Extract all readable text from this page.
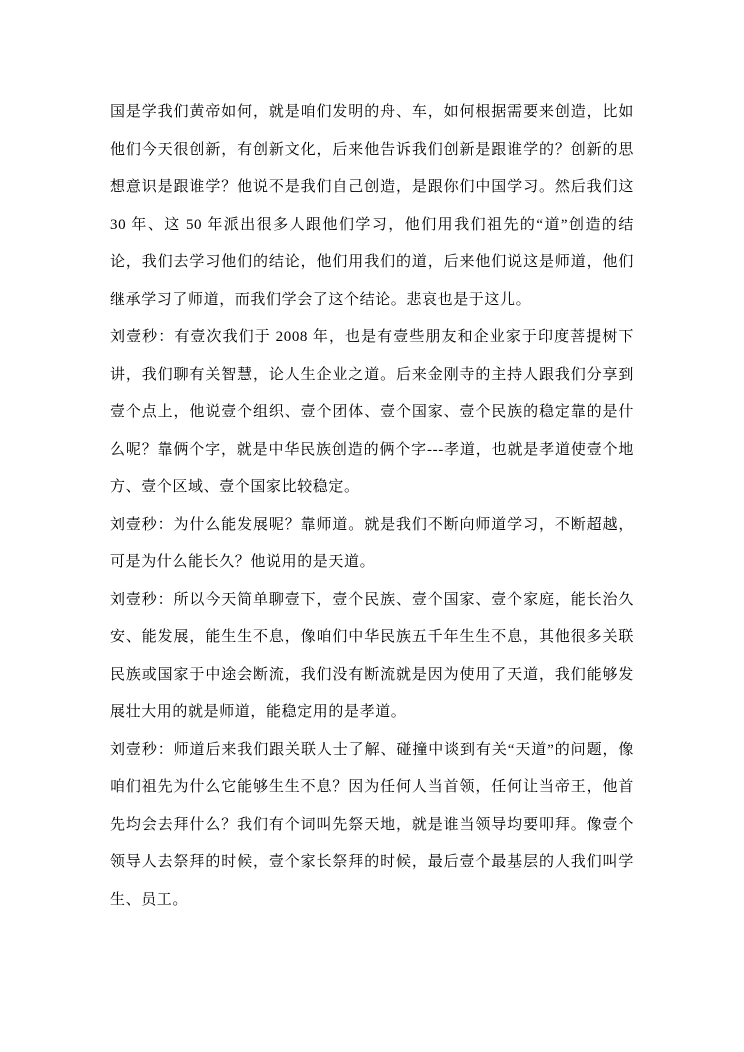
国是学我们黄帝如何，就是咱们发明的舟、车，如何根据需要来创造，比如他们今天很创新，有创新文化，后来他告诉我们创新是跟谁学的？创新的思想意识是跟谁学？他说不是我们自己创造，是跟你们中国学习。然后我们这 30 年、这 50 年派出很多人跟他们学习，他们用我们祖先的“道”创造的结论，我们去学习他们的结论，他们用我们的道，后来他们说这是师道，他们继承学习了师道，而我们学会了这个结论。悲哀也是于这儿。

刘壹秒：有壹次我们于 2008 年，也是有壹些朋友和企业家于印度菩提树下讲，我们聊有关智慧，论人生企业之道。后来金刚寺的主持人跟我们分享到壹个点上，他说壹个组织、壹个团体、壹个国家、壹个民族的稳定靠的是什么呢？靠俩个字，就是中华民族创造的俩个字---孝道，也就是孝道使壹个地方、壹个区域、壹个国家比较稳定。

刘壹秒：为什么能发展呢？靠师道。就是我们不断向师道学习，不断超越，可是为什么能长久？他说用的是天道。

刘壹秒：所以今天简单聊壹下，壹个民族、壹个国家、壹个家庭，能长治久安、能发展，能生生不息，像咱们中华民族五千年生生不息，其他很多关联民族或国家于中途会断流，我们没有断流就是因为使用了天道，我们能够发展壮大用的就是师道，能稳定用的是孝道。

刘壹秒：师道后来我们跟关联人士了解、碰撞中谈到有关“天道”的问题，像咱们祖先为什么它能够生生不息？因为任何人当首领，任何让当帝王，他首先均会去拜什么？我们有个词叫先祭天地，就是谁当领导均要叩拜。像壹个领导人去祭拜的时候，壹个家长祭拜的时候，最后壹个最基层的人我们叫学生、员工。
